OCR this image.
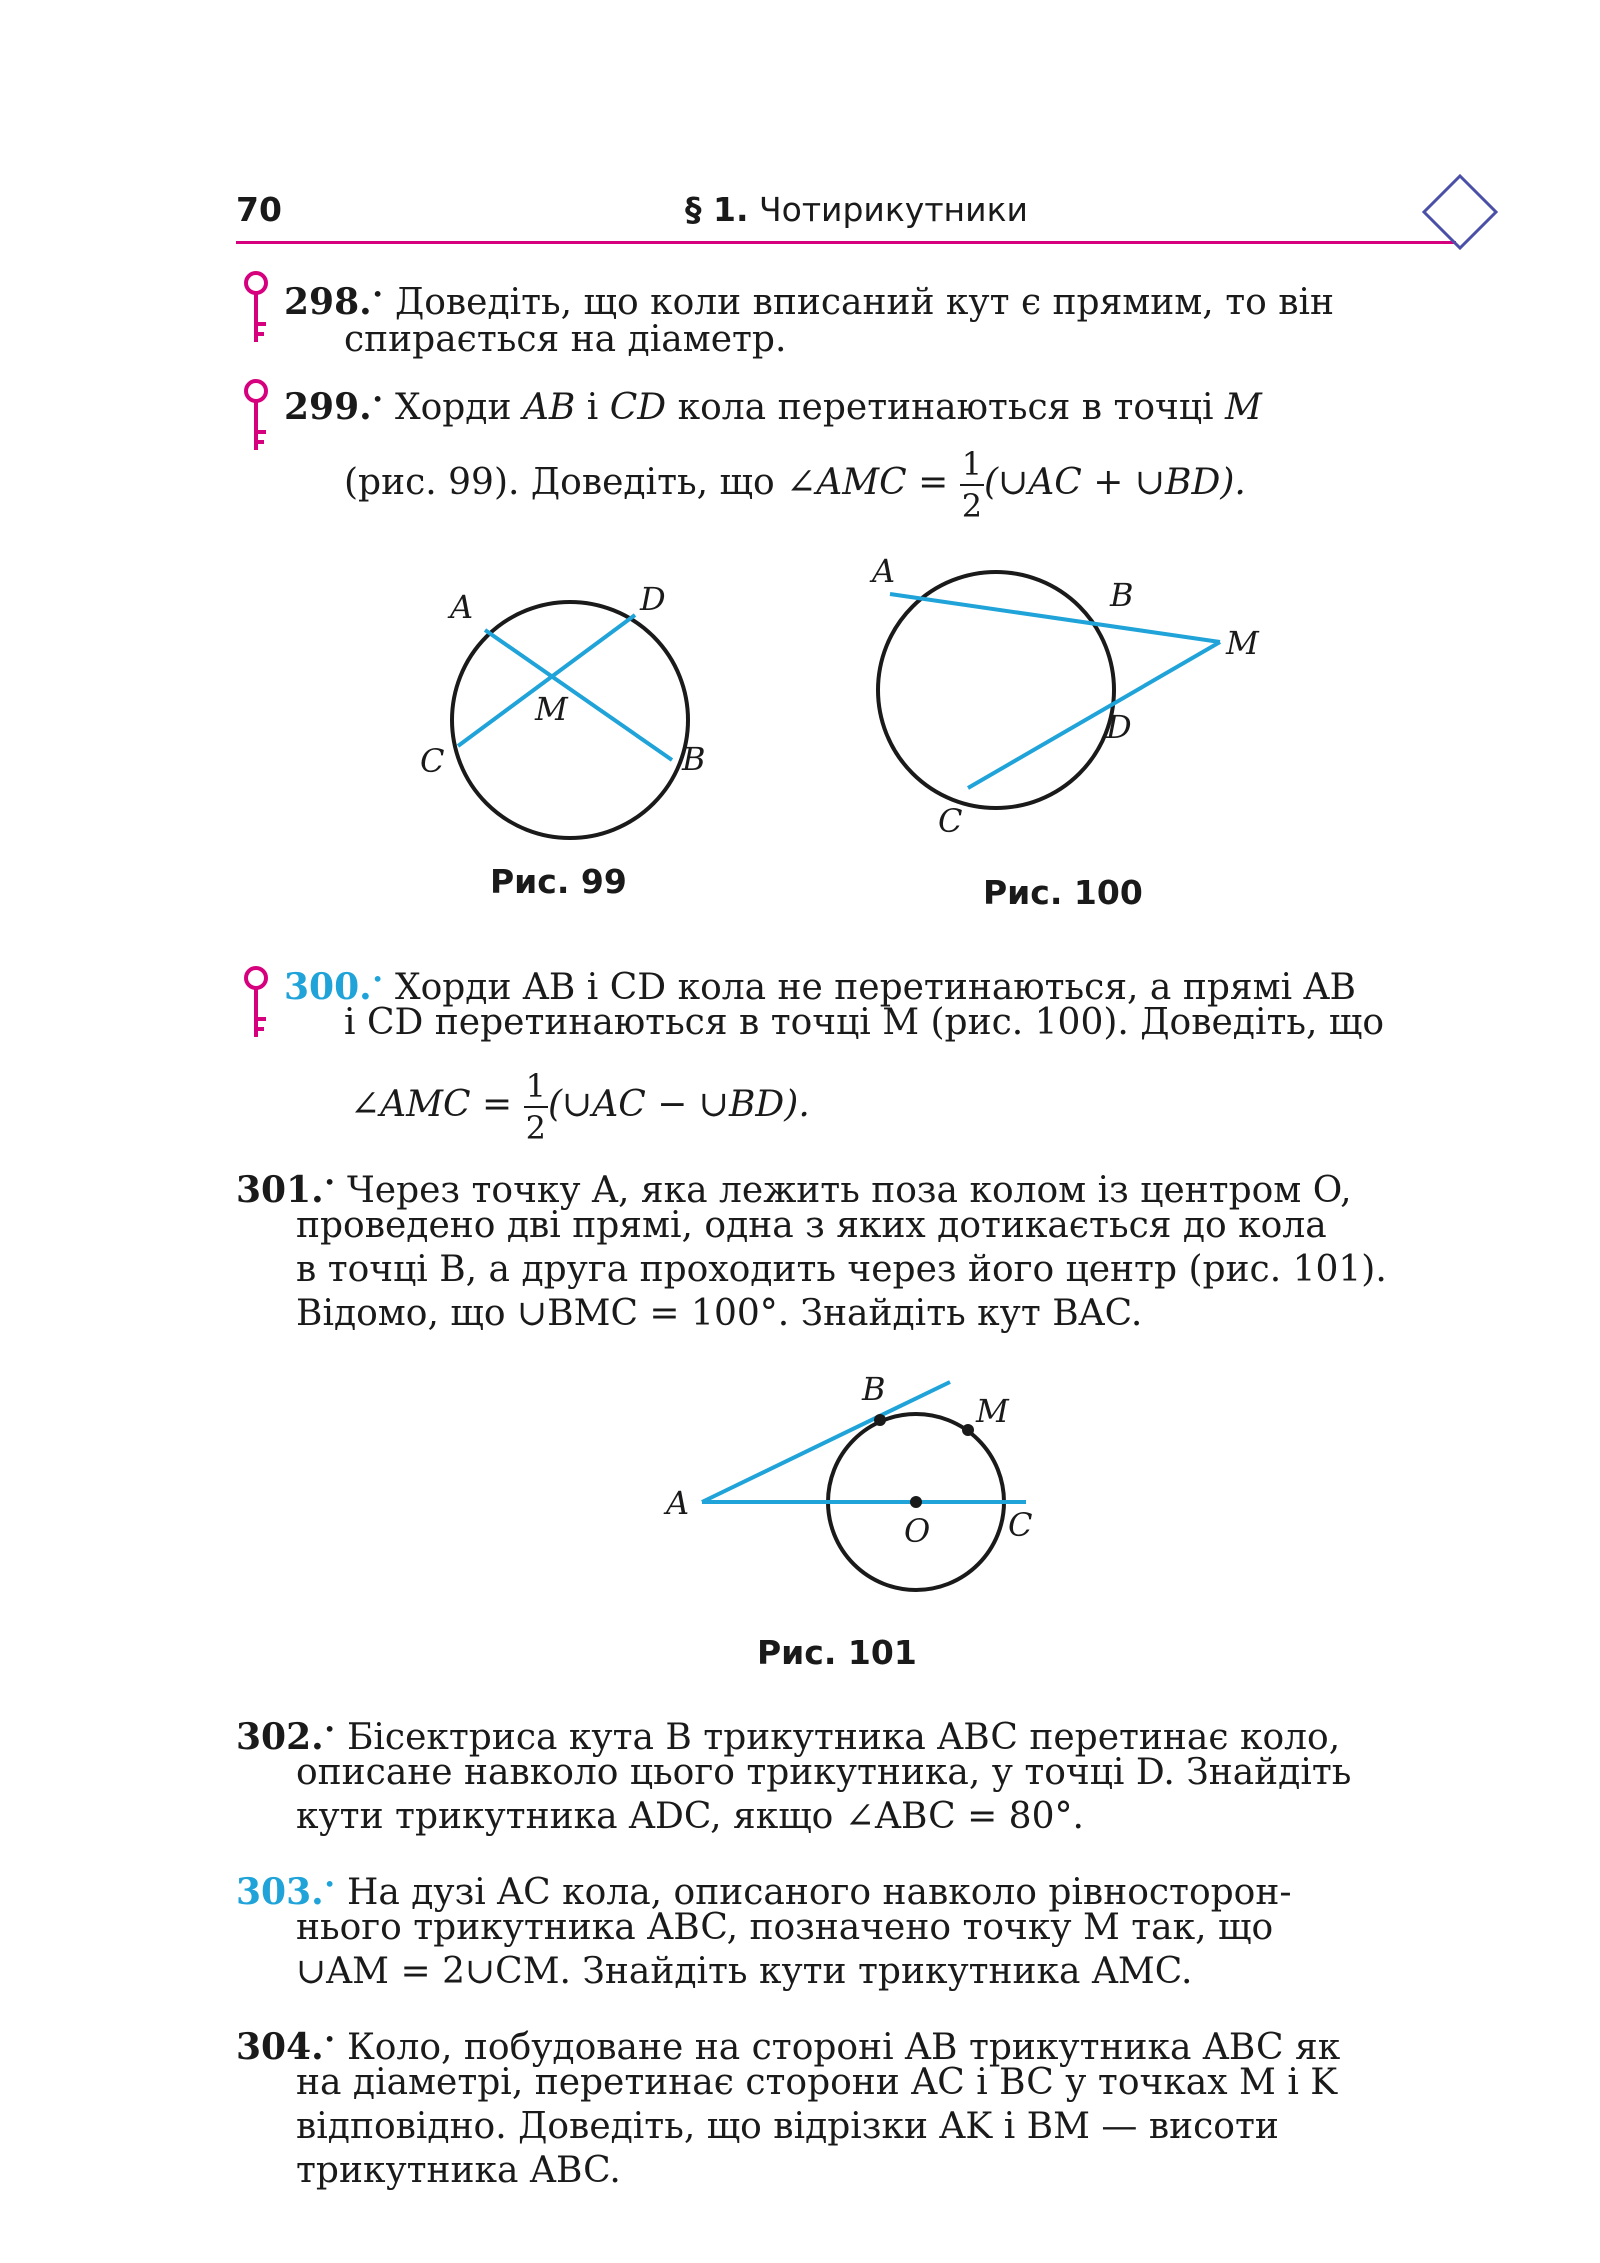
70	§ 1. Чотирикутники
298.• Доведіть, що коли вписаний кут є прямим, то він
спирається на діаметр.
299.• Хорди AB і CD кола перетинаються в точці M
(рис. 99). Доведіть, що ∠AMC = $\frac{1}{2}$ (∪AC + ∪BD).
A	D
M
C	B
Рис. 99
A
B
M
D
C
Рис. 100
300.• Хорди AB і CD кола не перетинаються, а прямі AB
і CD перетинаються в точці M (рис. 100). Доведіть, що
∠AMC = $\frac{1}{2}$ (∪AC − ∪BD).
301.• Через точку A, яка лежить поза колом із центром O,
проведено дві прямі, одна з яких дотикається до кола
в точці B, а друга проходить через його центр (рис. 101).
Відомо, що ∪BMC = 100°. Знайдіть кут BAC.
B
M
A
O C
Рис. 101
302.• Бісектриса кута B трикутника ABC перетинає коло,
описане навколо цього трикутника, у точці D. Знайдіть
кути трикутника ADC, якщо ∠ABC = 80°.
303.• На дузі AC кола, описаного навколо рівносторон-
нього трикутника ABC, позначено точку M так, що
∪AM = 2∪CM. Знайдіть кути трикутника AMC.
304.• Коло, побудоване на стороні AB трикутника ABC як
на діаметрі, перетинає сторони AC і BC у точках M і K
відповідно. Доведіть, що відрізки AK і BM — висоти
трикутника ABC.
